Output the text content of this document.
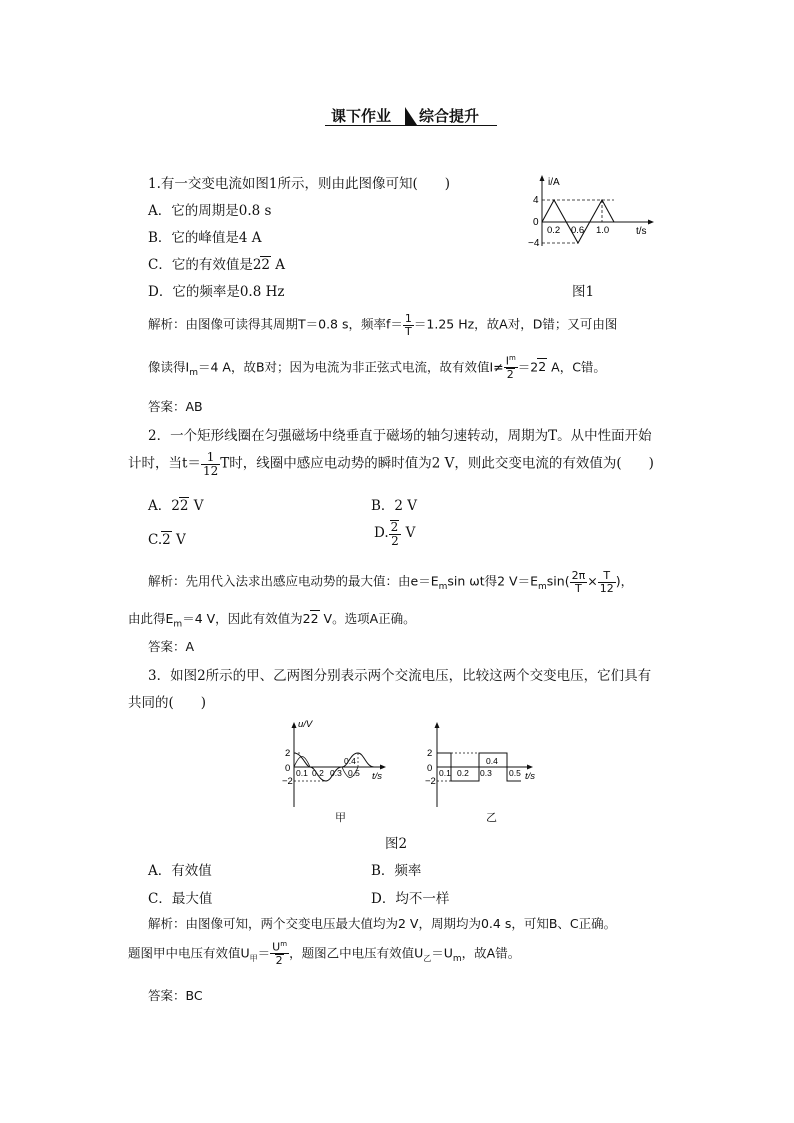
课下作业 综合提升
1.有一交变电流如图1所示，则由此图像可知(　　)
A．它的周期是0.8 s
B．它的峰值是4 A
C．它的有效值是22 A
D．它的频率是0.8 Hz
i/A
t/s
4
0
−4
0.2 0.6 1.0
图1
解析：由图像可读得其周期T＝0.8 s，频率$f= \frac{1}{T} =1.25$ Hz，故A对，D错；又可由图
像读得$I_m=4$ A，故B对；因为电流为非正弦式电流，故有效值$I\ne \frac{I^m}{2} =22$ A，C错。
答案：AB
2．一个矩形线圈在匀强磁场中绕垂直于磁场的轴匀速转动，周期为T。从中性面开始
计时，当$t= \frac{1}{12}$ T时，线圈中感应电动势的瞬时值为2 V，则此交变电流的有效值为(　　)
A．22 V	B．2 V
C.2 V	D. $\frac{2}{2}$ V
解析：先用代入法求出感应电动势的最大值：由$e=E_m\sin$ ωt得2 $V=E_m\sin( \frac{2\pi}{T} \times \frac{T}{12}$ )，
由此得$E_m=4$ V，因此有效值为22 V。选项A正确。
答案：A
3．如图2所示的甲、乙两图分别表示两个交流电压，比较这两个交变电压，它们具有
共同的(　　)
u/V
t/s
2
0
−2
0.1 0.2 0.3
0.4
0.5
甲
2
0
−2
0.1 0.2 0.3
0.4
0.5 t/s
乙
图2
A．有效值	B．频率
C．最大值	D．均不一样
解析：由图像可知，两个交变电压最大值均为2 V，周期均为0.4 s，可知B、C正确。
题图甲中电压有效值$U_甲= \frac{U^m}{2}$ ，题图乙中电压有效值$U_乙=U_m$，故A错。
答案：BC
